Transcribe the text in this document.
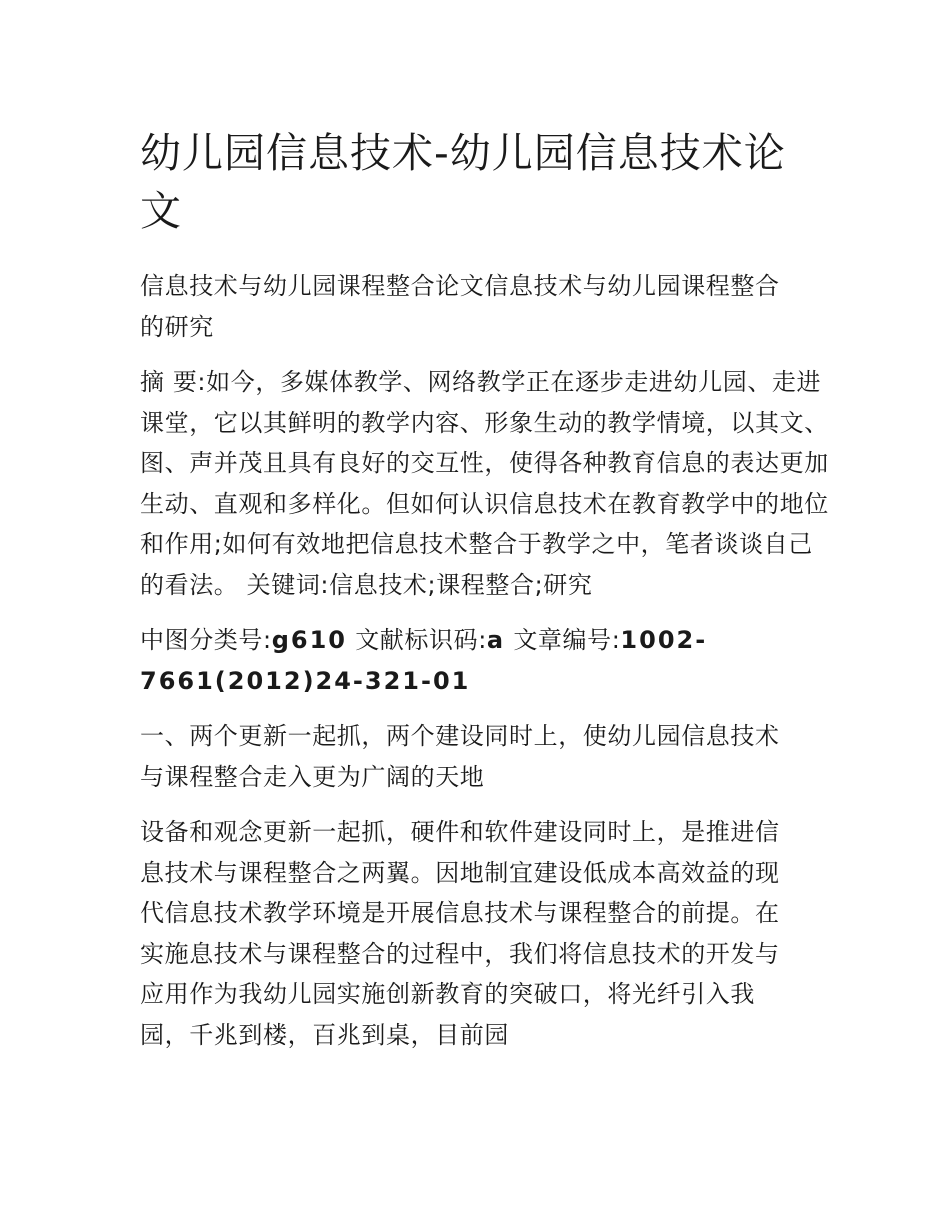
幼儿园信息技术-幼儿园信息技术论文

信息技术与幼儿园课程整合论文信息技术与幼儿园课程整合的研究

摘 要:如今，多媒体教学、网络教学正在逐步走进幼儿园、走进课堂，它以其鲜明的教学内容、形象生动的教学情境，以其文、图、声并茂且具有良好的交互性，使得各种教育信息的表达更加生动、直观和多样化。但如何认识信息技术在教育教学中的地位和作用;如何有效地把信息技术整合于教学之中，笔者谈谈自己的看法。 关键词:信息技术;课程整合;研究

中图分类号:g610 文献标识码:a 文章编号:1002-7661(2012)24-321-01

一、两个更新一起抓，两个建设同时上，使幼儿园信息技术与课程整合走入更为广阔的天地

设备和观念更新一起抓，硬件和软件建设同时上，是推进信息技术与课程整合之两翼。因地制宜建设低成本高效益的现代信息技术教学环境是开展信息技术与课程整合的前提。在实施息技术与课程整合的过程中，我们将信息技术的开发与应用作为我幼儿园实施创新教育的突破口，将光纤引入我园，千兆到楼，百兆到桌，目前园
